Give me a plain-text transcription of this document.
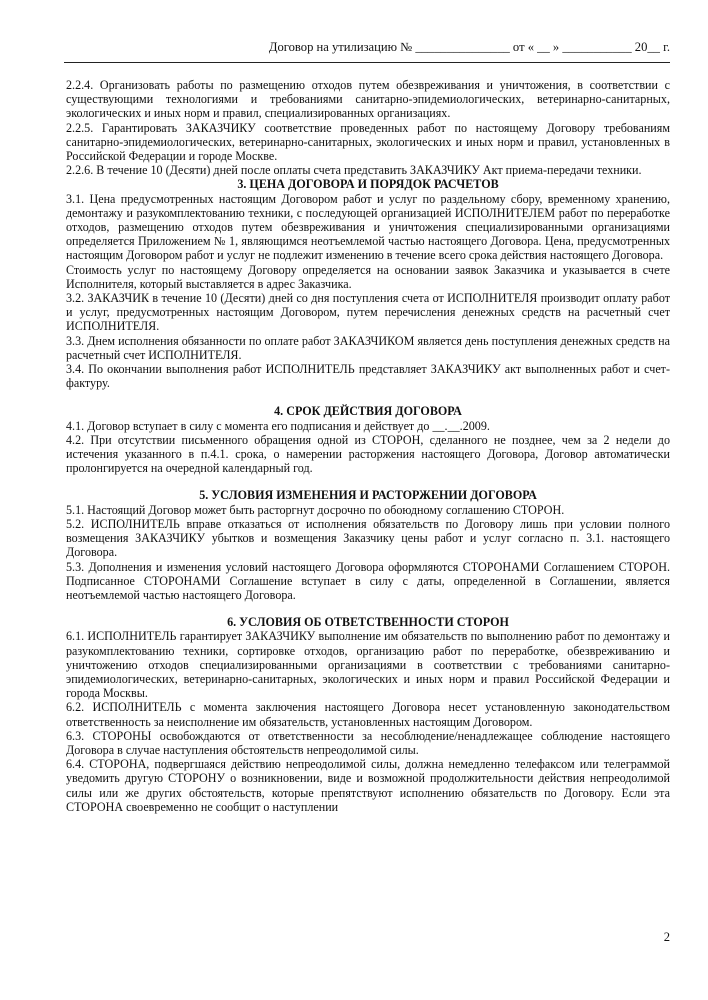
Договор на утилизацию № _______________ от « __ » ___________ 20__ г.

2.2.4. Организовать работы по размещению отходов путем обезвреживания и уничтожения, в соответствии с существующими технологиями и требованиями санитарно-эпидемиологических, ветеринарно-санитарных, экологических и иных норм и правил, специализированных организациях.

2.2.5. Гарантировать ЗАКАЗЧИКУ соответствие проведенных работ по настоящему Договору требованиям санитарно-эпидемиологических, ветеринарно-санитарных, экологических и иных норм и правил, установленных в Российской Федерации и городе Москве.

2.2.6. В течение 10 (Десяти) дней после оплаты счета представить ЗАКАЗЧИКУ Акт приема-передачи техники.

3. ЦЕНА ДОГОВОРА И ПОРЯДОК РАСЧЕТОВ

3.1. Цена предусмотренных настоящим Договором работ и услуг по раздельному сбору, временному хранению, демонтажу и разукомплектованию техники, с последующей организацией ИСПОЛНИТЕЛЕМ работ по переработке отходов, размещению отходов путем обезвреживания и уничтожения специализированными организациями определяется Приложением № 1, являющимся неотъемлемой частью настоящего Договора. Цена, предусмотренных настоящим Договором работ и услуг не подлежит изменению в течение всего срока действия настоящего Договора.

Стоимость услуг по настоящему Договору определяется на основании заявок Заказчика и указывается в счете Исполнителя, который выставляется в адрес Заказчика.

3.2. ЗАКАЗЧИК в течение 10 (Десяти) дней со дня поступления счета от ИСПОЛНИТЕЛЯ производит оплату работ и услуг, предусмотренных настоящим Договором, путем перечисления денежных средств на расчетный счет ИСПОЛНИТЕЛЯ.

3.3. Днем исполнения обязанности по оплате работ ЗАКАЗЧИКОМ является день поступления денежных средств на расчетный счет ИСПОЛНИТЕЛЯ.

3.4. По окончании выполнения работ ИСПОЛНИТЕЛЬ представляет ЗАКАЗЧИКУ акт выполненных работ и счет-фактуру.

4. СРОК ДЕЙСТВИЯ ДОГОВОРА

4.1. Договор вступает в силу с момента его подписания и действует до __.__.2009.

4.2. При отсутствии письменного обращения одной из СТОРОН, сделанного не позднее, чем за 2 недели до истечения указанного в п.4.1. срока, о намерении расторжения настоящего Договора, Договор автоматически пролонгируется на очередной календарный год.

5. УСЛОВИЯ ИЗМЕНЕНИЯ И РАСТОРЖЕНИИ ДОГОВОРА

5.1. Настоящий Договор может быть расторгнут досрочно по обоюдному соглашению СТОРОН.

5.2. ИСПОЛНИТЕЛЬ вправе отказаться от исполнения обязательств по Договору лишь при условии полного возмещения ЗАКАЗЧИКУ убытков и возмещения Заказчику цены работ и услуг согласно п. 3.1. настоящего Договора.

5.3. Дополнения и изменения условий настоящего Договора оформляются СТОРОНАМИ Соглашением СТОРОН. Подписанное СТОРОНАМИ Соглашение вступает в силу с даты, определенной в Соглашении, является неотъемлемой частью настоящего Договора.

6. УСЛОВИЯ ОБ ОТВЕТСТВЕННОСТИ СТОРОН

6.1. ИСПОЛНИТЕЛЬ гарантирует ЗАКАЗЧИКУ выполнение им обязательств по выполнению работ по демонтажу и разукомплектованию техники, сортировке отходов, организацию работ по переработке, обезвреживанию и уничтожению отходов специализированными организациями в соответствии с требованиями санитарно-эпидемиологических, ветеринарно-санитарных, экологических и иных норм и правил Российской Федерации и города Москвы.

6.2. ИСПОЛНИТЕЛЬ с момента заключения настоящего Договора несет установленную законодательством ответственность за неисполнение им обязательств, установленных настоящим Договором.

6.3. СТОРОНЫ освобождаются от ответственности за несоблюдение/ненадлежащее соблюдение настоящего Договора в случае наступления обстоятельств непреодолимой силы.

6.4. СТОРОНА, подвергшаяся действию непреодолимой силы, должна немедленно телефаксом или телеграммой уведомить другую СТОРОНУ о возникновении, виде и возможной продолжительности действия непреодолимой силы или же других обстоятельств, которые препятствуют исполнению обязательств по Договору. Если эта СТОРОНА своевременно не сообщит о наступлении

2
